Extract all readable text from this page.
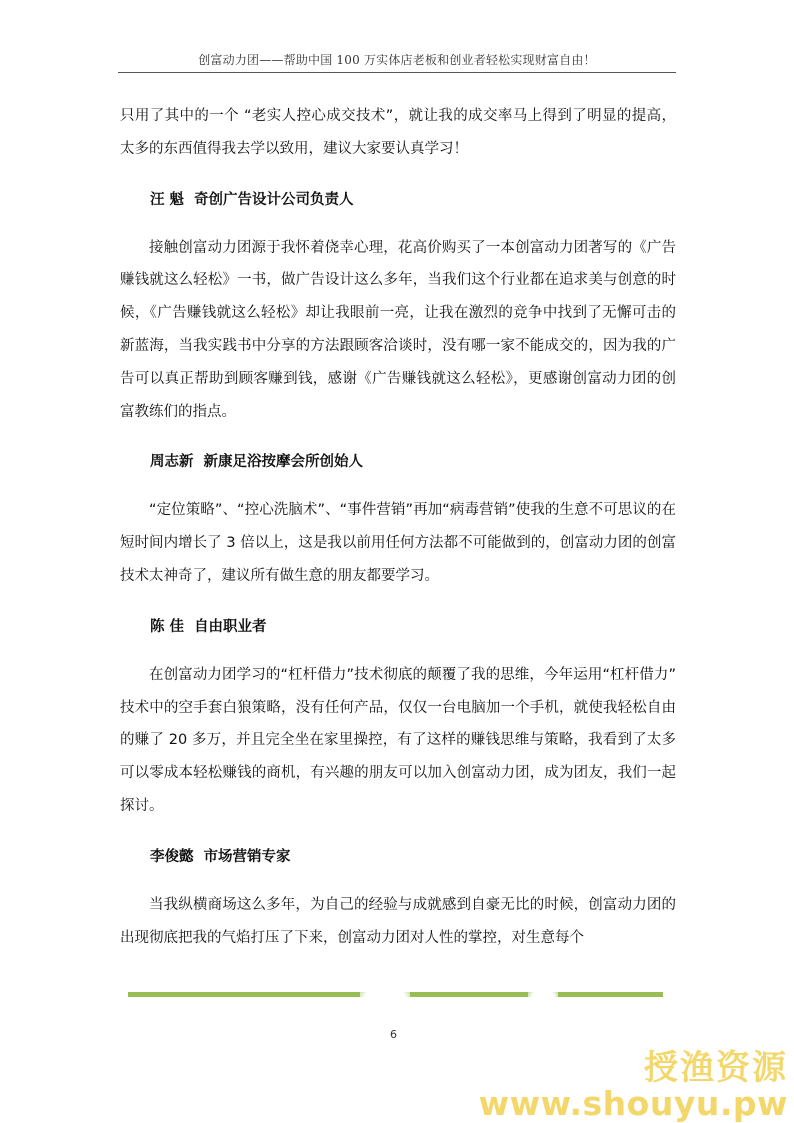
创富动力团——帮助中国 100 万实体店老板和创业者轻松实现财富自由！

只用了其中的一个 “老实人控心成交技术”，就让我的成交率马上得到了明显的提高，太多的东西值得我去学以致用，建议大家要认真学习！

汪 魁 奇创广告设计公司负责人

接触创富动力团源于我怀着侥幸心理，花高价购买了一本创富动力团著写的《广告赚钱就这么轻松》一书，做广告设计这么多年，当我们这个行业都在追求美与创意的时候，《广告赚钱就这么轻松》却让我眼前一亮，让我在激烈的竞争中找到了无懈可击的新蓝海，当我实践书中分享的方法跟顾客洽谈时，没有哪一家不能成交的，因为我的广告可以真正帮助到顾客赚到钱，感谢《广告赚钱就这么轻松》，更感谢创富动力团的创富教练们的指点。

周志新 新康足浴按摩会所创始人

“定位策略”、“控心洗脑术”、“事件营销”再加“病毒营销”使我的生意不可思议的在短时间内增长了 3 倍以上，这是我以前用任何方法都不可能做到的，创富动力团的创富技术太神奇了，建议所有做生意的朋友都要学习。

陈 佳 自由职业者

在创富动力团学习的“杠杆借力”技术彻底的颠覆了我的思维，今年运用“杠杆借力” 技术中的空手套白狼策略，没有任何产品，仅仅一台电脑加一个手机，就使我轻松自由的赚了 20 多万，并且完全坐在家里操控，有了这样的赚钱思维与策略，我看到了太多可以零成本轻松赚钱的商机，有兴趣的朋友可以加入创富动力团，成为团友，我们一起探讨。

李俊懿 市场营销专家

当我纵横商场这么多年，为自己的经验与成就感到自豪无比的时候，创富动力团的出现彻底把我的气焰打压了下来，创富动力团对人性的掌控，对生意每个

6
授渔资源
www.shouyu.pw
